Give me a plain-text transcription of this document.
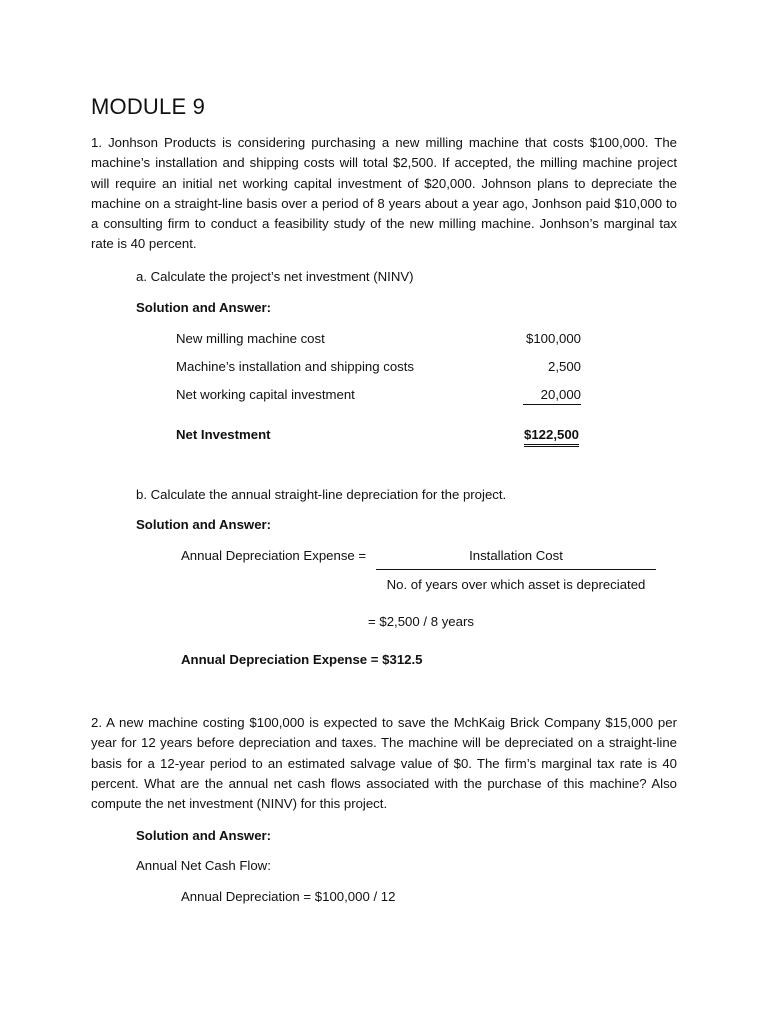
MODULE 9

1. Jonhson Products is considering purchasing a new milling machine that costs $100,000. The machine’s installation and shipping costs will total $2,500. If accepted, the milling machine project will require an initial net working capital investment of $20,000. Johnson plans to depreciate the machine on a straight-line basis over a period of 8 years about a year ago, Jonhson paid $10,000 to a consulting firm to conduct a feasibility study of the new milling machine. Jonhson’s marginal tax rate is 40 percent.

a. Calculate the project’s net investment (NINV)
Solution and Answer:
New milling machine cost	$100,000
Machine’s installation and shipping costs	2,500
Net working capital investment	20,000
Net Investment	$122,500
b. Calculate the annual straight-line depreciation for the project.
Solution and Answer:
Annual Depreciation Expense =	Installation Cost
No. of years over which asset is depreciated
= $2,500 / 8 years
Annual Depreciation Expense = $312.5

2. A new machine costing $100,000 is expected to save the MchKaig Brick Company $15,000 per year for 12 years before depreciation and taxes. The machine will be depreciated on a straight-line basis for a 12-year period to an estimated salvage value of $0. The firm’s marginal tax rate is 40 percent. What are the annual net cash flows associated with the purchase of this machine? Also compute the net investment (NINV) for this project.

Solution and Answer:
Annual Net Cash Flow:
Annual Depreciation = $100,000 / 12
